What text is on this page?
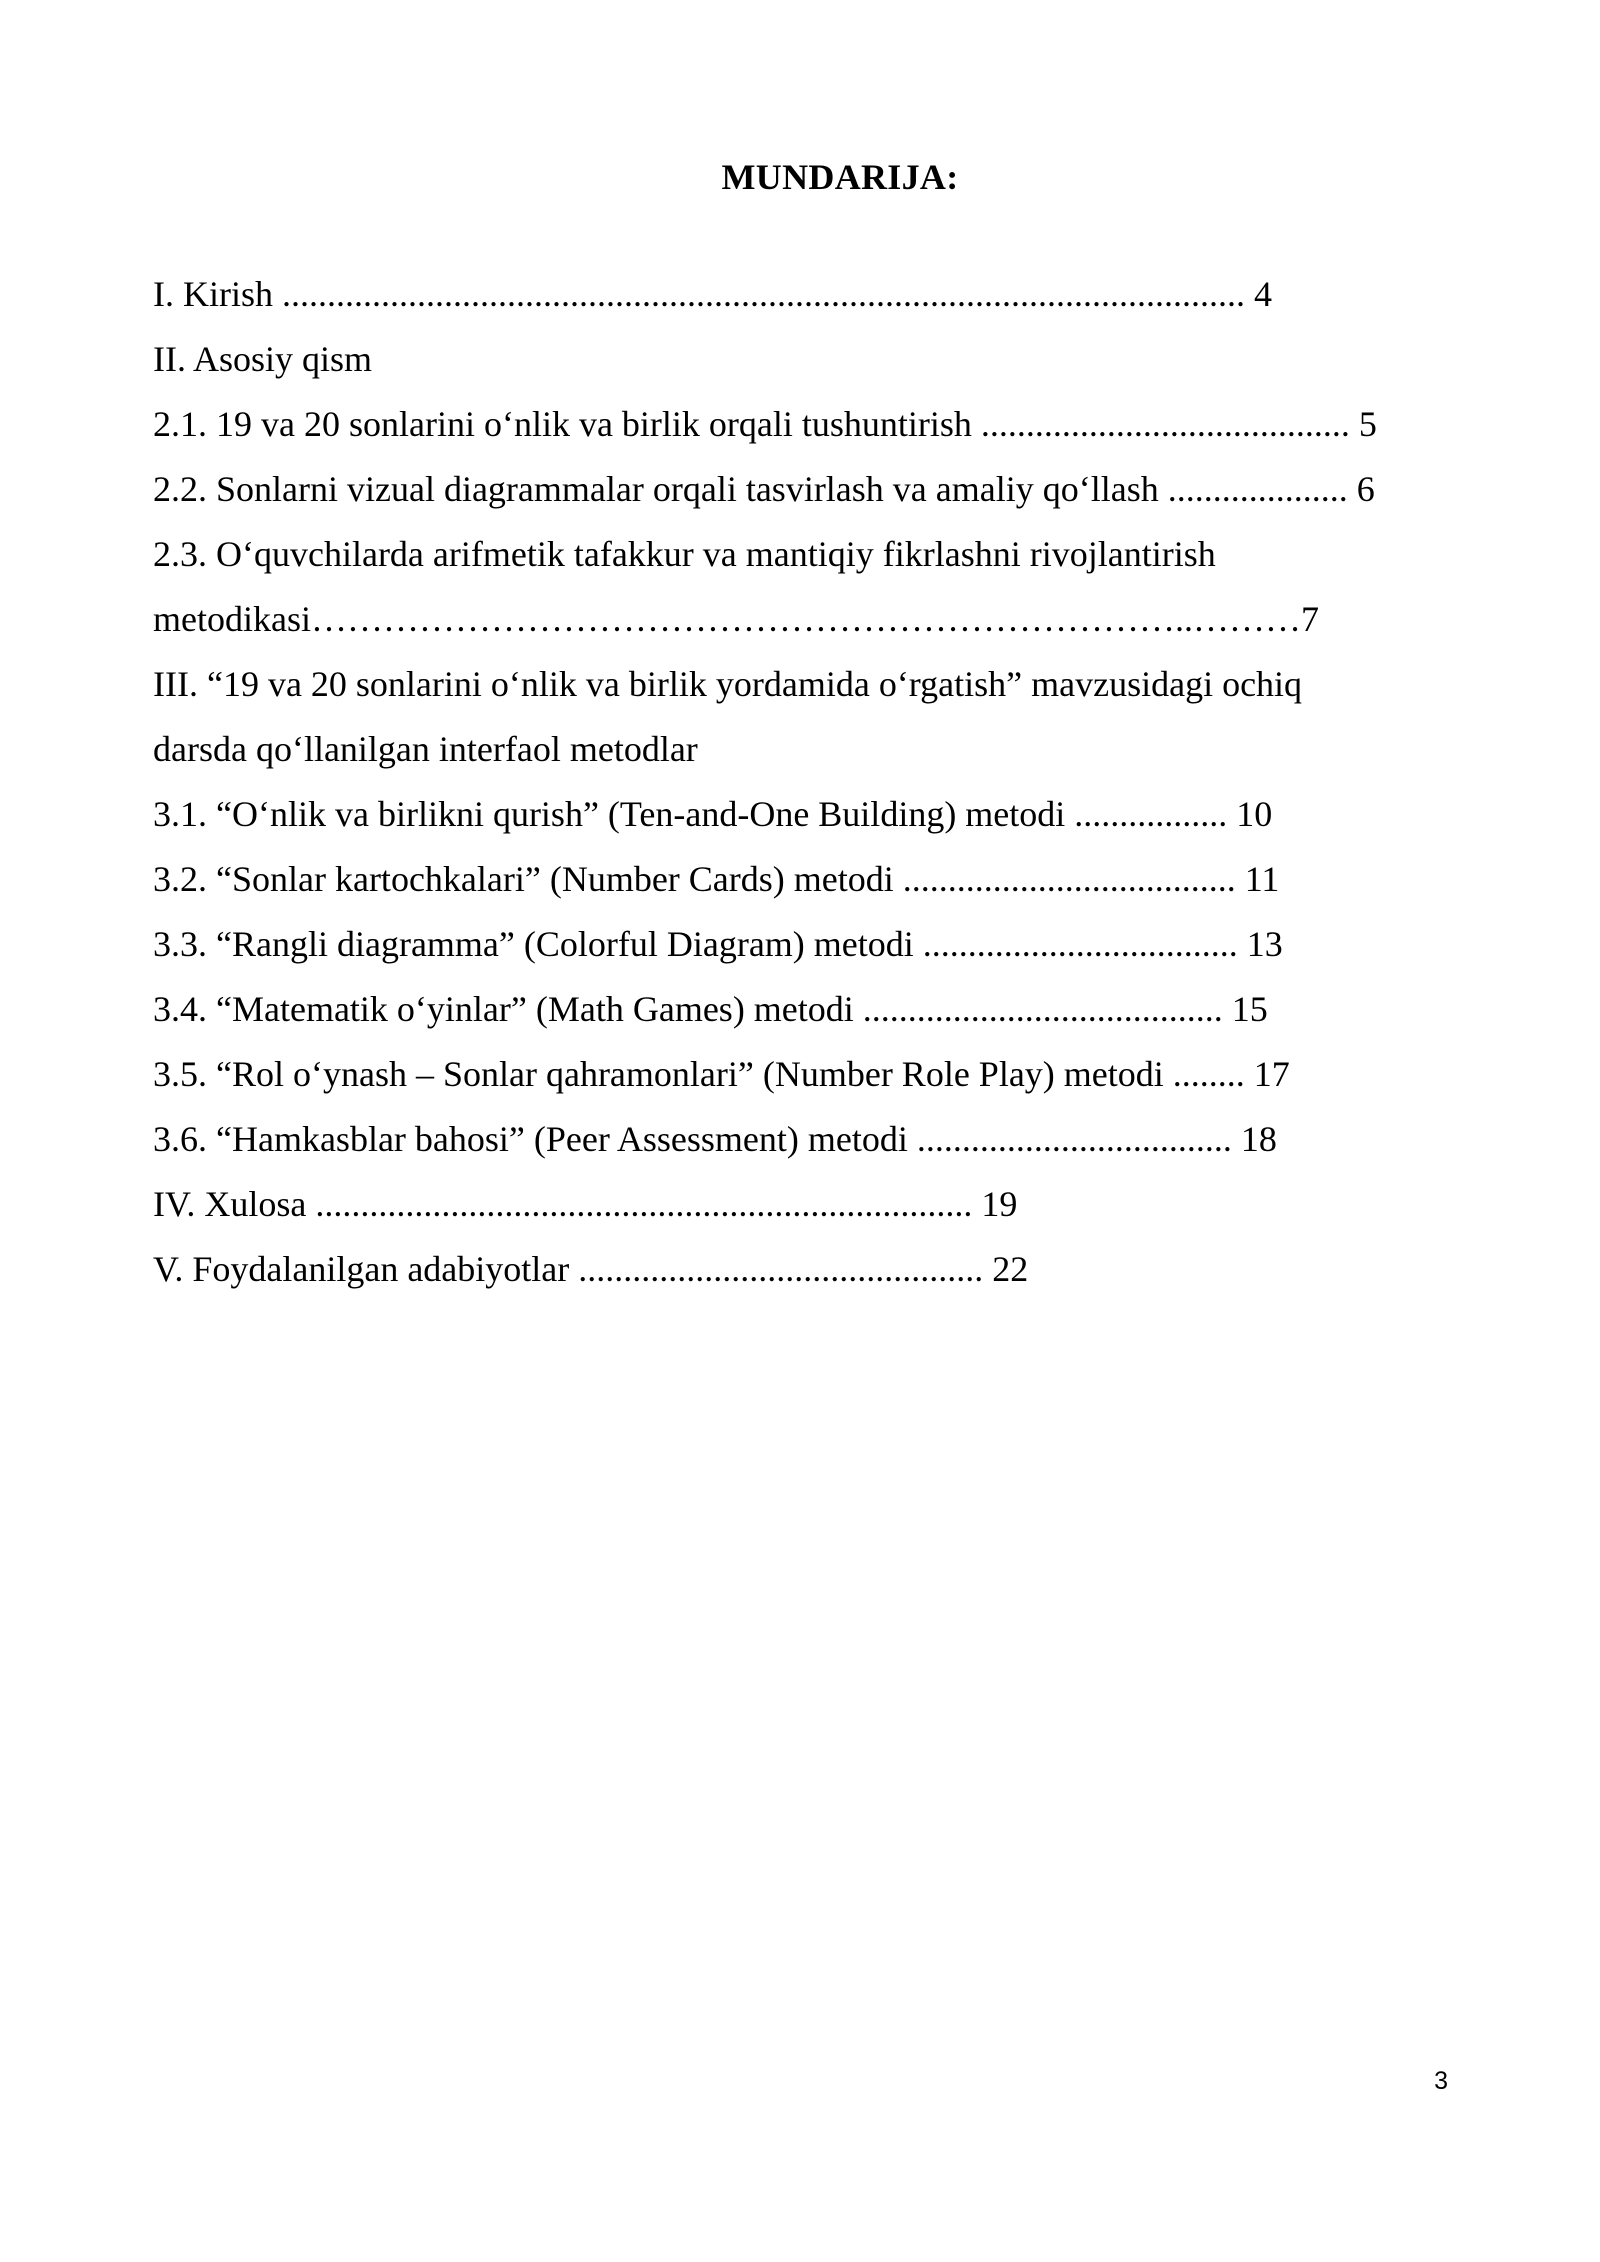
MUNDARIJA:
I. Kirish ........................................................................................................... 4
II. Asosiy qism
2.1. 19 va 20 sonlarini o‘nlik va birlik orqali tushuntirish ......................................... 5
2.2. Sonlarni vizual diagrammalar orqali tasvirlash va amaliy qo‘llash .................... 6
2.3. O‘quvchilarda arifmetik tafakkur va mantiqiy fikrlashni rivojlantirish
metodikasi………………………………………………………………..………7
III. “19 va 20 sonlarini o‘nlik va birlik yordamida o‘rgatish” mavzusidagi ochiq
darsda qo‘llanilgan interfaol metodlar
3.1. “O‘nlik va birlikni qurish” (Ten-and-One Building) metodi ................. 10
3.2. “Sonlar kartochkalari” (Number Cards) metodi ..................................... 11
3.3. “Rangli diagramma” (Colorful Diagram) metodi ................................... 13
3.4. “Matematik o‘yinlar” (Math Games) metodi ........................................ 15
3.5. “Rol o‘ynash – Sonlar qahramonlari” (Number Role Play) metodi ........ 17
3.6. “Hamkasblar bahosi” (Peer Assessment) metodi ................................... 18
IV. Xulosa ......................................................................... 19
V. Foydalanilgan adabiyotlar ............................................. 22
3
